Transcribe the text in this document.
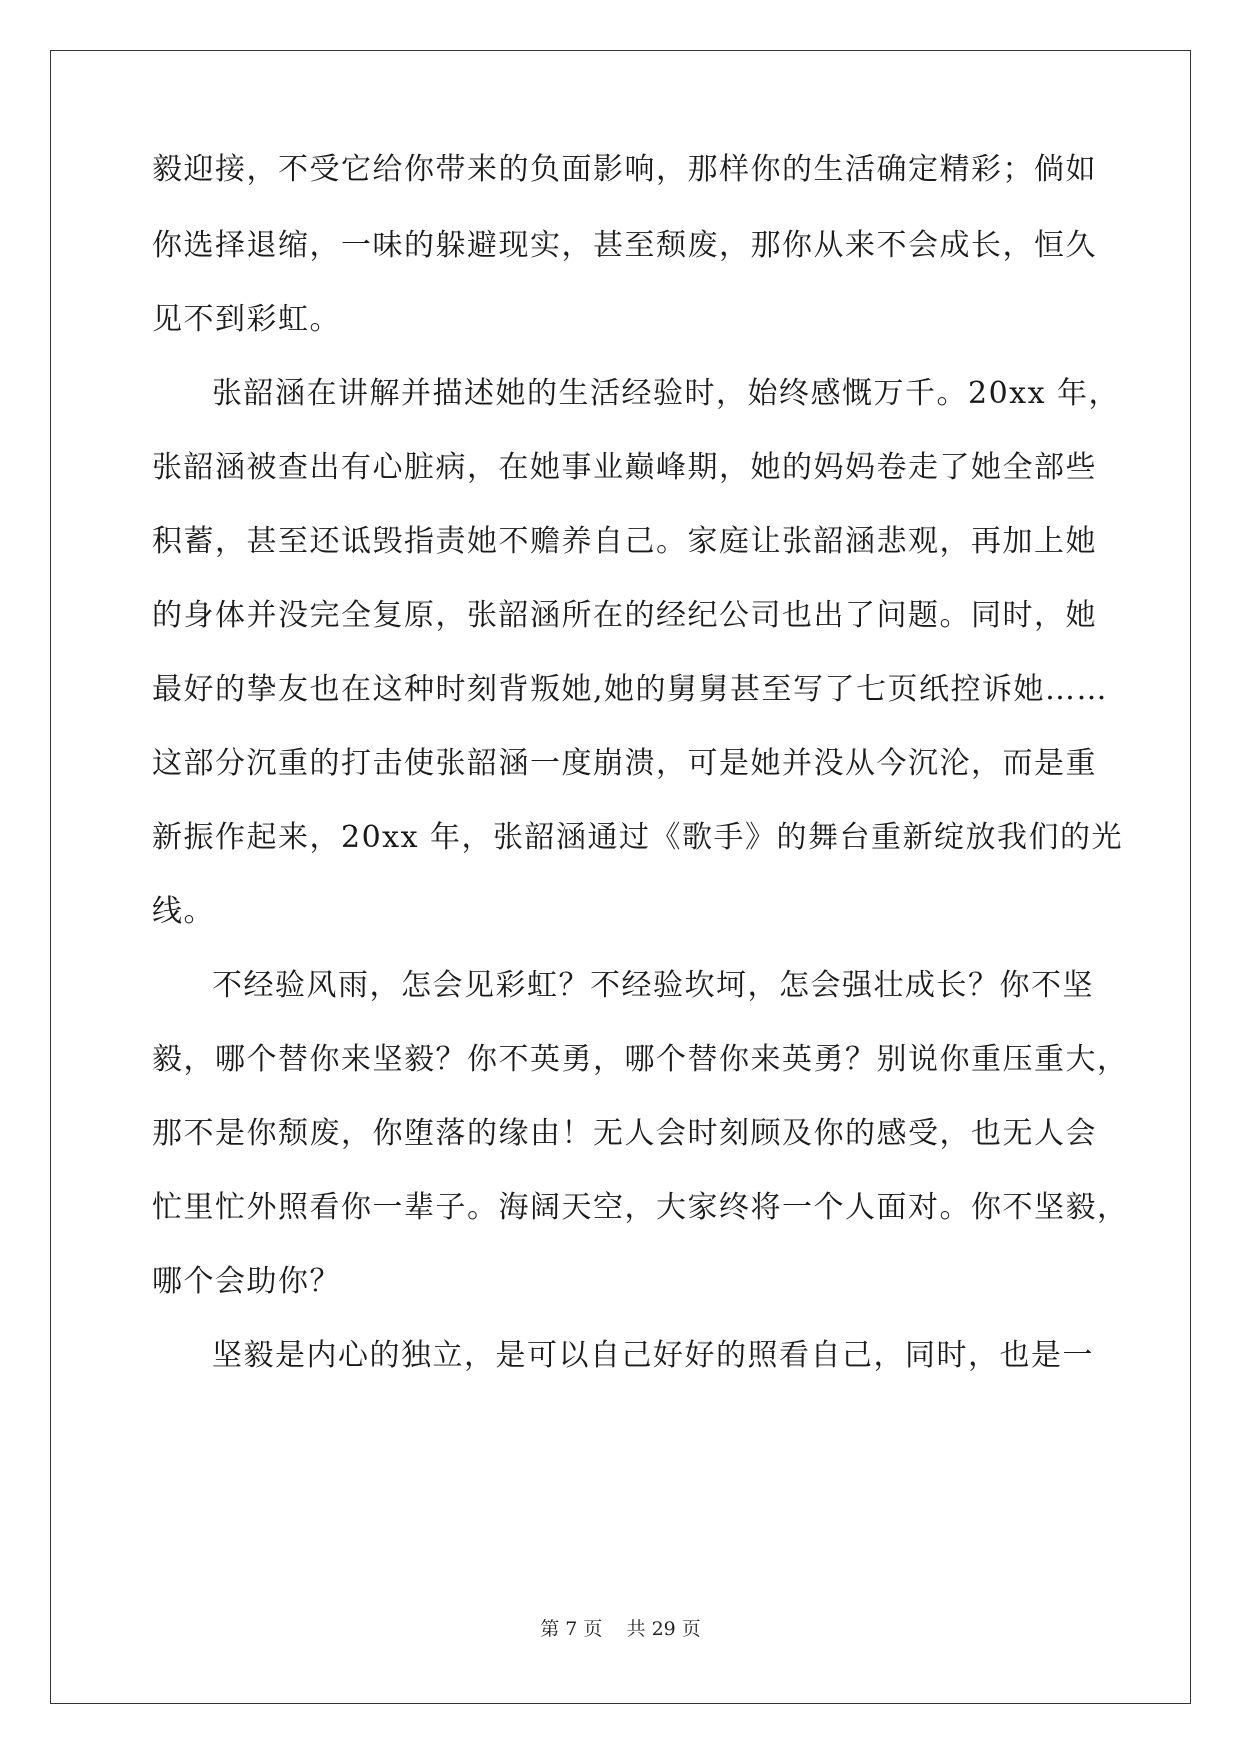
毅迎接，不受它给你带来的负面影响，那样你的生活确定精彩；倘如
你选择退缩，一味的躲避现实，甚至颓废，那你从来不会成长，恒久
见不到彩虹。
张韶涵在讲解并描述她的生活经验时，始终感慨万千。20xx 年，
张韶涵被查出有心脏病，在她事业巅峰期，她的妈妈卷走了她全部些
积蓄，甚至还诋毁指责她不赡养自己。家庭让张韶涵悲观，再加上她
的身体并没完全复原，张韶涵所在的经纪公司也出了问题。同时，她
最好的挚友也在这种时刻背叛她,她的舅舅甚至写了七页纸控诉她……
这部分沉重的打击使张韶涵一度崩溃，可是她并没从今沉沦，而是重
新振作起来，20xx 年，张韶涵通过《歌手》的舞台重新绽放我们的光
线。
不经验风雨，怎会见彩虹？不经验坎坷，怎会强壮成长？你不坚
毅，哪个替你来坚毅？你不英勇，哪个替你来英勇？别说你重压重大，
那不是你颓废，你堕落的缘由！无人会时刻顾及你的感受，也无人会
忙里忙外照看你一辈子。海阔天空，大家终将一个人面对。你不坚毅，
哪个会助你？
坚毅是内心的独立，是可以自己好好的照看自己，同时，也是一
第 7 页 共 29 页
